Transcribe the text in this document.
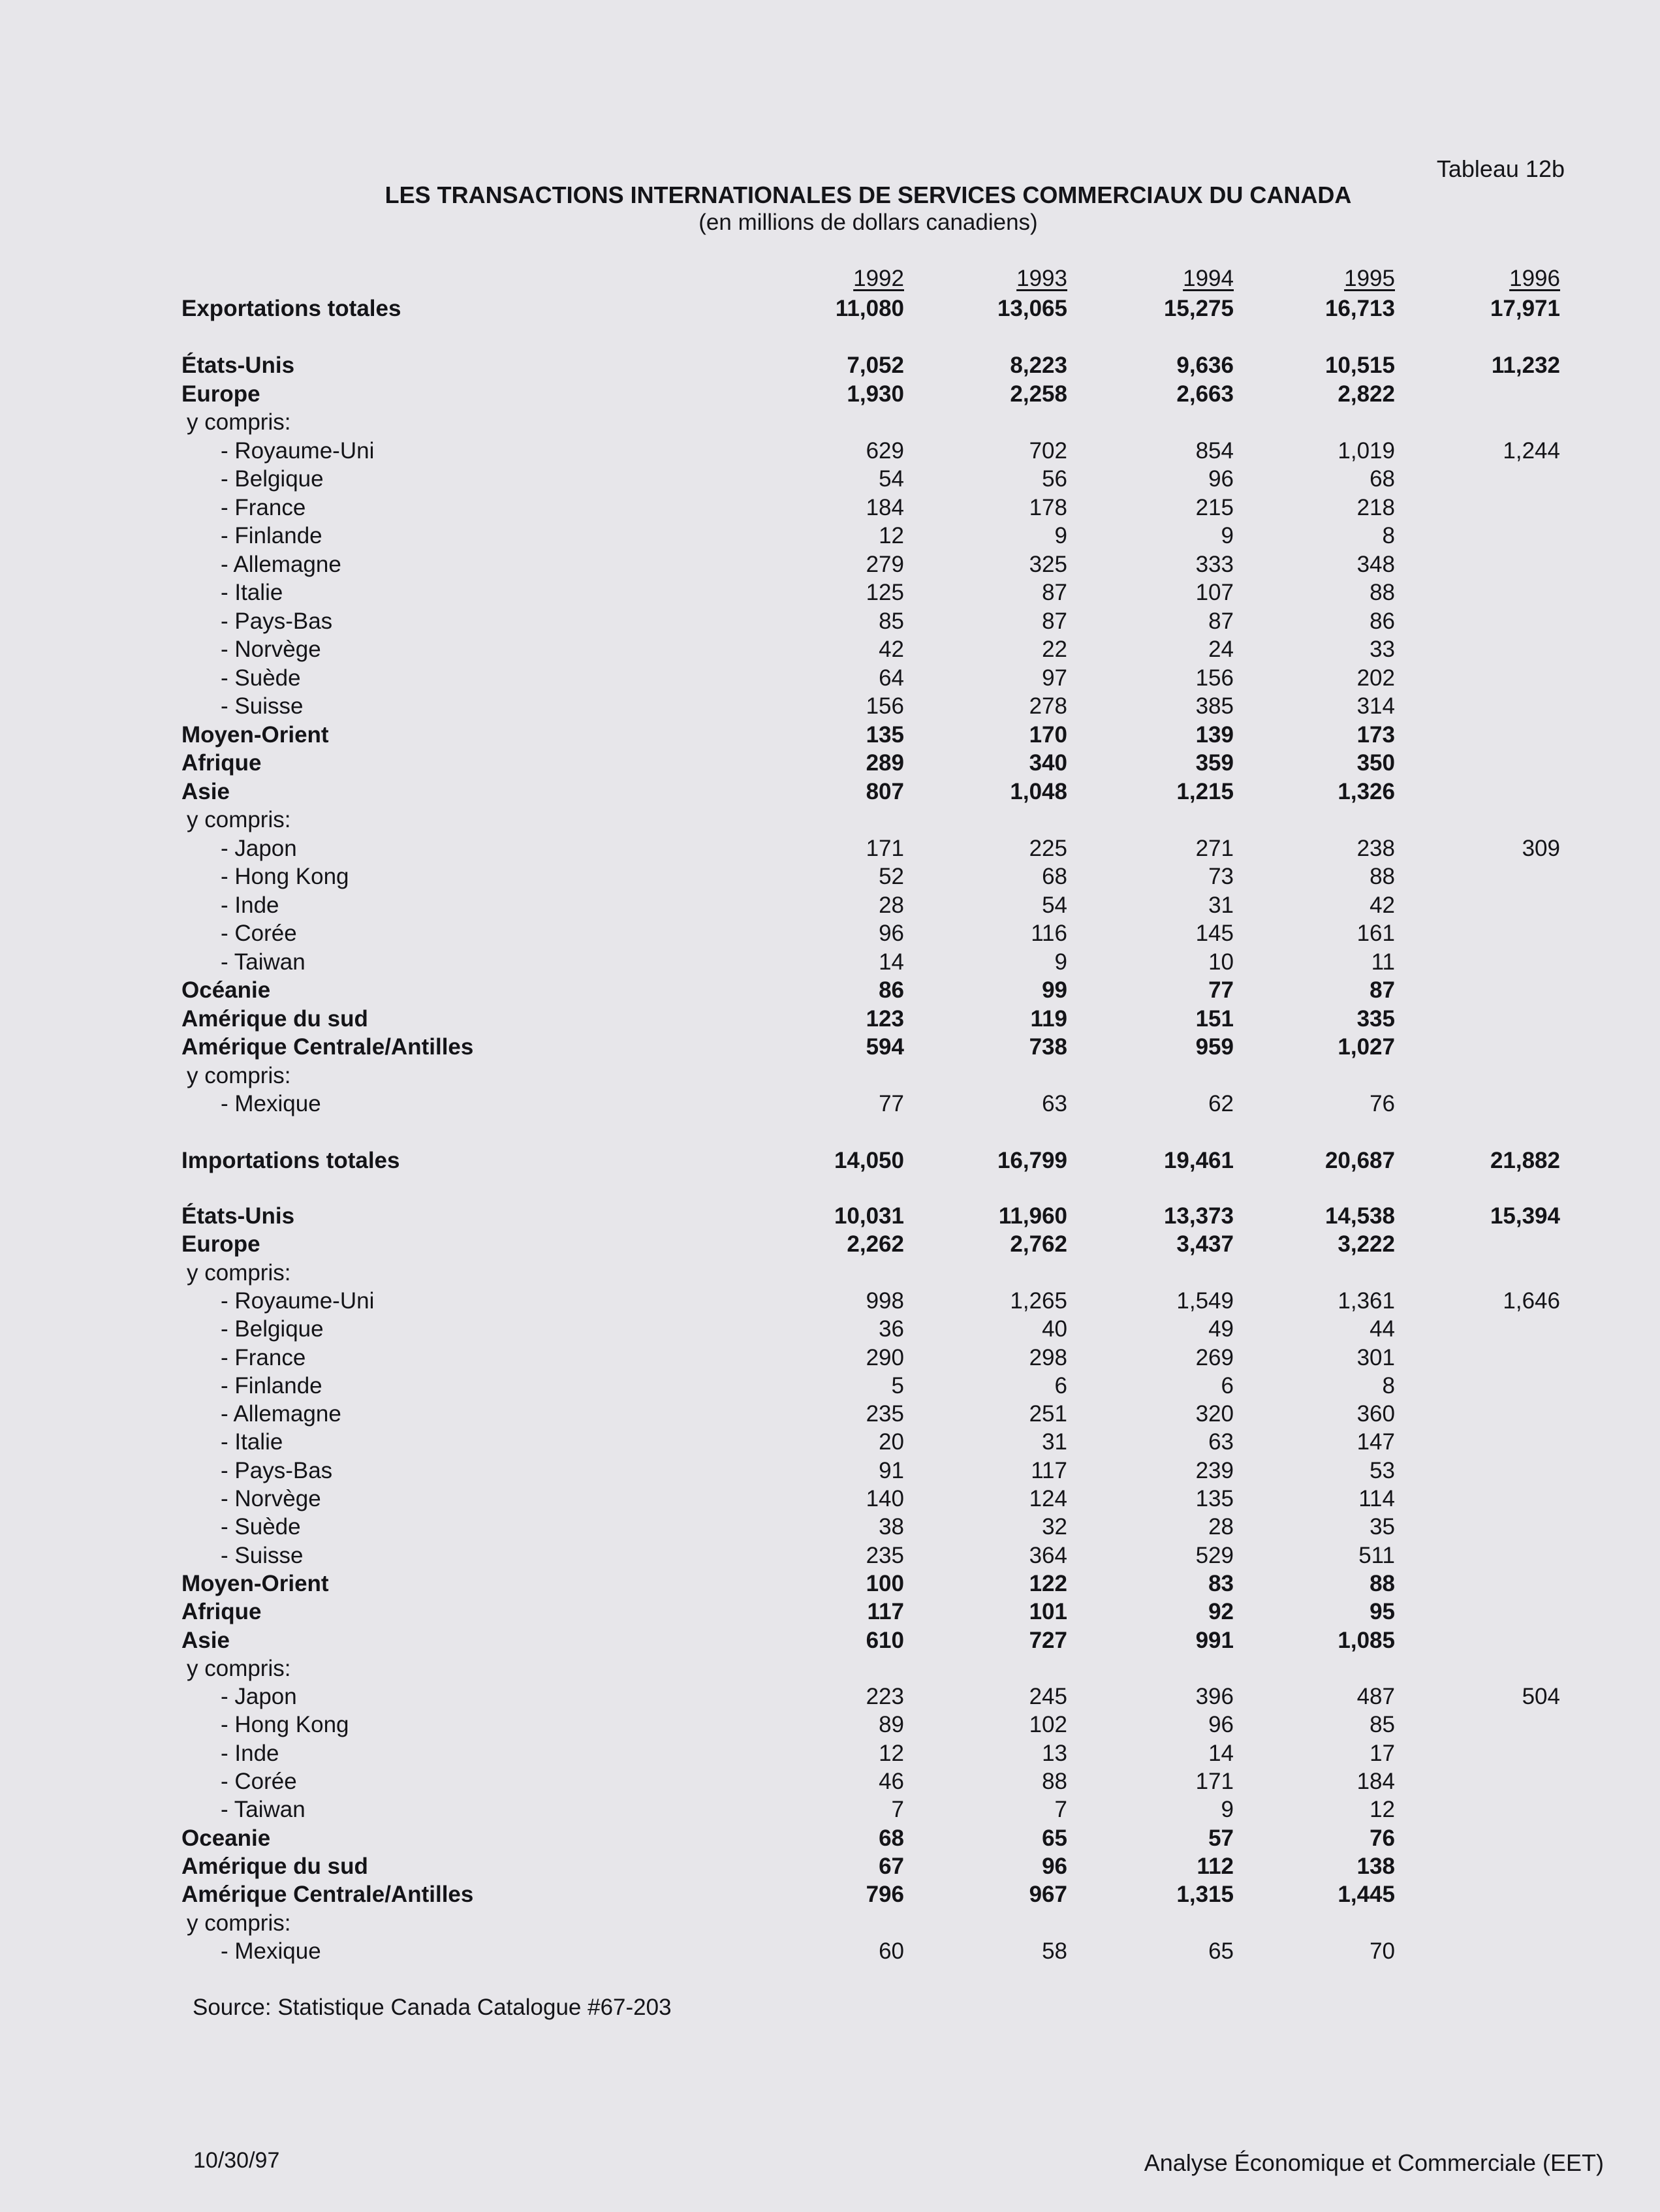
Tableau 12b
LES TRANSACTIONS INTERNATIONALES DE SERVICES COMMERCIAUX DU CANADA
(en millions de dollars canadiens)
1992	1993	1994	1995	1996
Exportations totales	11,080	13,065	15,275	16,713	17,971
États-Unis	7,052	8,223	9,636	10,515	11,232
Europe	1,930	2,258	2,663	2,822
y compris:
- Royaume-Uni	629	702	854	1,019	1,244
- Belgique	54	56	96	68
- France	184	178	215	218
- Finlande	12	9	9	8
- Allemagne	279	325	333	348
- Italie	125	87	107	88
- Pays-Bas	85	87	87	86
- Norvège	42	22	24	33
- Suède	64	97	156	202
- Suisse	156	278	385	314
Moyen-Orient	135	170	139	173
Afrique	289	340	359	350
Asie	807	1,048	1,215	1,326
y compris:
- Japon	171	225	271	238	309
- Hong Kong	52	68	73	88
- Inde	28	54	31	42
- Corée	96	116	145	161
- Taiwan	14	9	10	11
Océanie	86	99	77	87
Amérique du sud	123	119	151	335
Amérique Centrale/Antilles	594	738	959	1,027
y compris:
- Mexique	77	63	62	76
Importations totales	14,050	16,799	19,461	20,687	21,882
États-Unis	10,031	11,960	13,373	14,538	15,394
Europe	2,262	2,762	3,437	3,222
y compris:
- Royaume-Uni	998	1,265	1,549	1,361	1,646
- Belgique	36	40	49	44
- France	290	298	269	301
- Finlande	5	6	6	8
- Allemagne	235	251	320	360
- Italie	20	31	63	147
- Pays-Bas	91	117	239	53
- Norvège	140	124	135	114
- Suède	38	32	28	35
- Suisse	235	364	529	511
Moyen-Orient	100	122	83	88
Afrique	117	101	92	95
Asie	610	727	991	1,085
y compris:
- Japon	223	245	396	487	504
- Hong Kong	89	102	96	85
- Inde	12	13	14	17
- Corée	46	88	171	184
- Taiwan	7	7	9	12
Oceanie	68	65	57	76
Amérique du sud	67	96	112	138
Amérique Centrale/Antilles	796	967	1,315	1,445
y compris:
- Mexique	60	58	65	70
Source: Statistique Canada Catalogue #67-203
10/30/97	Analyse Économique et Commerciale (EET)
